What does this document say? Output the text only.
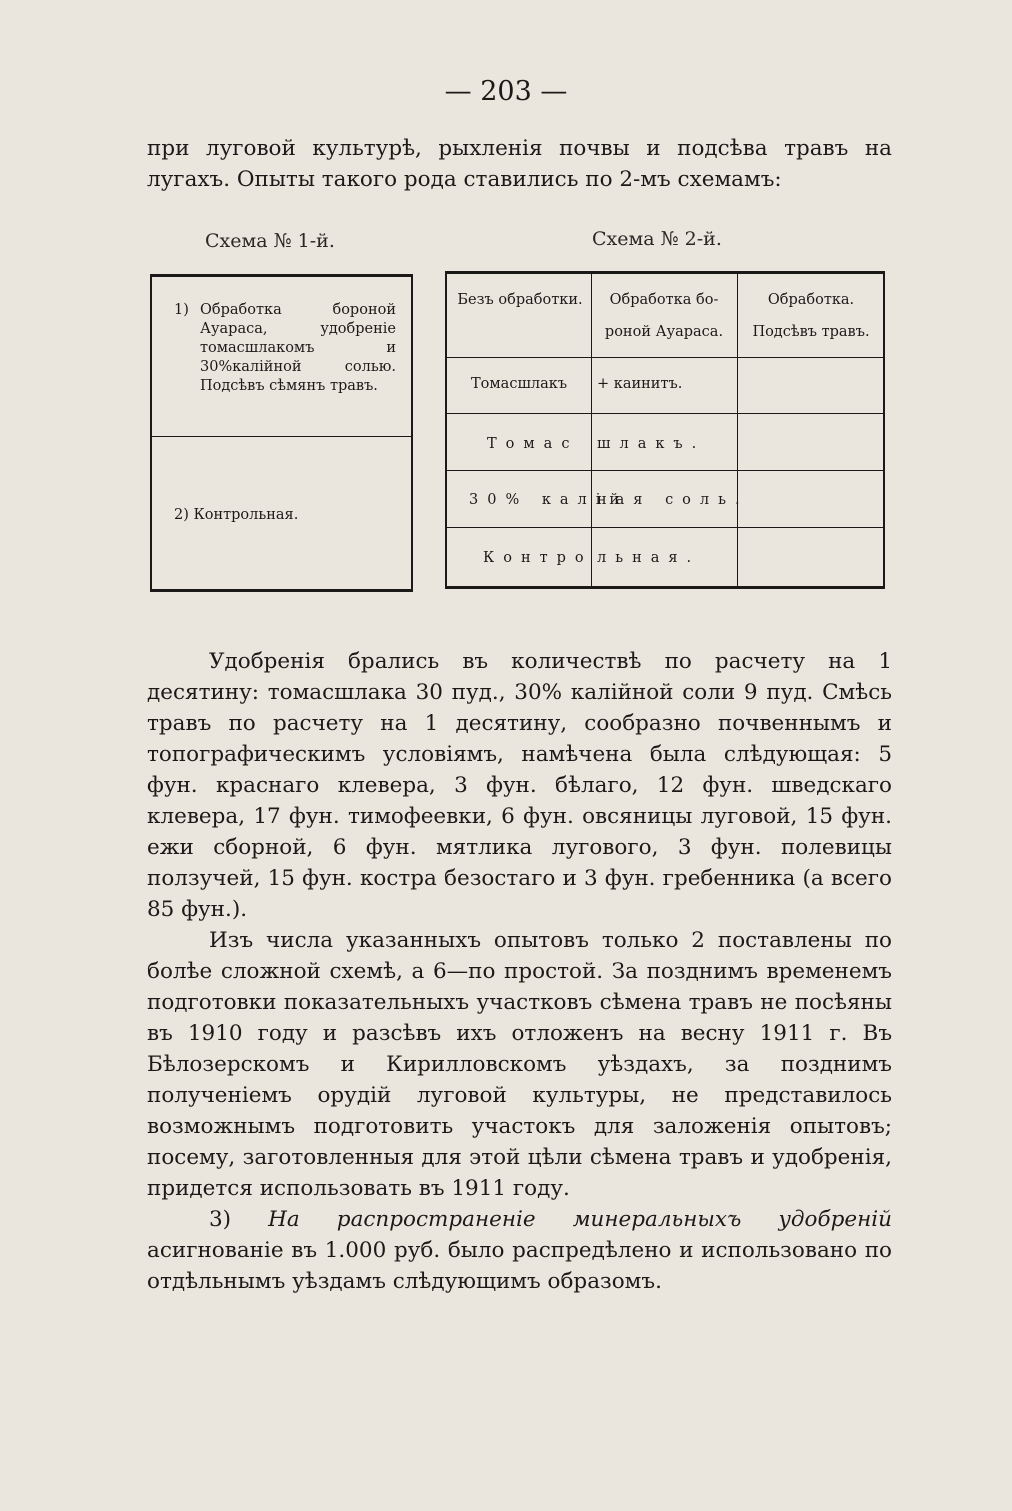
— 203 —
при луговой культурѣ, рыхленія почвы и подсѣва травъ на лугахъ. Опыты такого рода ставились по 2-мъ схемамъ:
Схема № 1-й.	Схема № 2-й.
1) Обработка бороной Ауараса, удобреніе томасшлакомъ и 30%калійной солью. Подсѣвъ сѣмянъ травъ.
2) Контрольная.
Безъ обработки.	Обработка бо- роной Ауараса.
Обработка. Подсѣвъ травъ.
Томасшлакъ + каинитъ.
Томас шлакъ.
30% калій
ная соль.
Контро льная.

Удобренія брались въ количествѣ по расчету на 1 десятину: томасшлака 30 пуд., 30% калійной соли 9 пуд. Смѣсь травъ по расчету на 1 десятину, сообразно почвеннымъ и топографическимъ условіямъ, намѣчена была слѣдующая: 5 фун. краснаго клевера, 3 фун. бѣлаго, 12 фун. шведскаго клевера, 17 фун. тимофеевки, 6 фун. овсяницы луговой, 15 фун. ежи сборной, 6 фун. мятлика лугового, 3 фун. полевицы ползучей, 15 фун. костра безостаго и 3 фун. гребенника (а всего 85 фун.).

Изъ числа указанныхъ опытовъ только 2 поставлены по болѣе сложной схемѣ, а 6—по простой. За позднимъ временемъ подготовки показательныхъ участковъ сѣмена травъ не посѣяны въ 1910 году и разсѣвъ ихъ отложенъ на весну 1911 г. Въ Бѣлозерскомъ и Кирилловскомъ уѣздахъ, за позднимъ полученіемъ орудій луговой культуры, не представилось возможнымъ подготовить участокъ для заложенія опытовъ; посему, заготовленныя для этой цѣли сѣмена травъ и удобренія, придется использовать въ 1911 году.

3) На распространеніе минеральныхъ удобреній асигнованіе въ 1.000 руб. было распредѣлено и использовано по отдѣльнымъ уѣздамъ слѣдующимъ образомъ.
